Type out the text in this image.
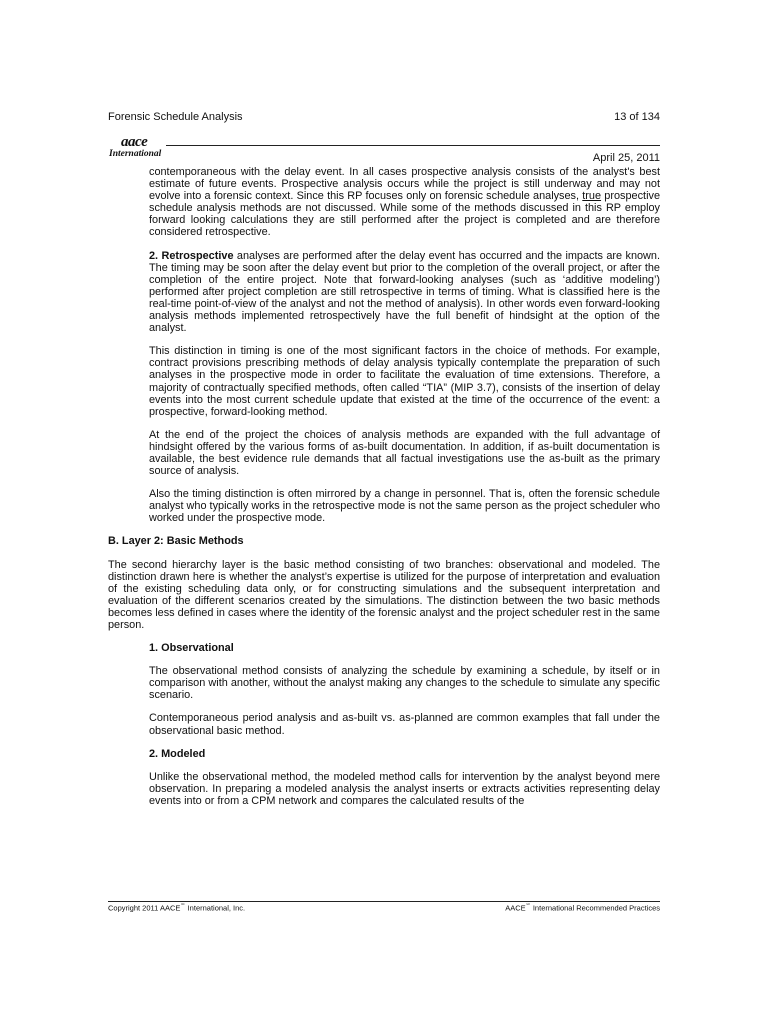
Forensic Schedule Analysis	13 of 134
aace
International	April 25, 2011

contemporaneous with the delay event. In all cases prospective analysis consists of the analyst's best estimate of future events. Prospective analysis occurs while the project is still underway and may not evolve into a forensic context. Since this RP focuses only on forensic schedule analyses, true prospective schedule analysis methods are not discussed. While some of the methods discussed in this RP employ forward looking calculations they are still performed after the project is completed and are therefore considered retrospective.

2. Retrospective analyses are performed after the delay event has occurred and the impacts are known. The timing may be soon after the delay event but prior to the completion of the overall project, or after the completion of the entire project. Note that forward-looking analyses (such as ‘additive modeling’) performed after project completion are still retrospective in terms of timing. What is classified here is the real-time point-of-view of the analyst and not the method of analysis). In other words even forward-looking analysis methods implemented retrospectively have the full benefit of hindsight at the option of the analyst.

This distinction in timing is one of the most significant factors in the choice of methods. For example, contract provisions prescribing methods of delay analysis typically contemplate the preparation of such analyses in the prospective mode in order to facilitate the evaluation of time extensions. Therefore, a majority of contractually specified methods, often called “TIA” (MIP 3.7), consists of the insertion of delay events into the most current schedule update that existed at the time of the occurrence of the event: a prospective, forward-looking method.

At the end of the project the choices of analysis methods are expanded with the full advantage of hindsight offered by the various forms of as-built documentation. In addition, if as-built documentation is available, the best evidence rule demands that all factual investigations use the as-built as the primary source of analysis.

Also the timing distinction is often mirrored by a change in personnel. That is, often the forensic schedule analyst who typically works in the retrospective mode is not the same person as the project scheduler who worked under the prospective mode.

B. Layer 2: Basic Methods

The second hierarchy layer is the basic method consisting of two branches: observational and modeled. The distinction drawn here is whether the analyst’s expertise is utilized for the purpose of interpretation and evaluation of the existing scheduling data only, or for constructing simulations and the subsequent interpretation and evaluation of the different scenarios created by the simulations. The distinction between the two basic methods becomes less defined in cases where the identity of the forensic analyst and the project scheduler rest in the same person.

1. Observational

The observational method consists of analyzing the schedule by examining a schedule, by itself or in comparison with another, without the analyst making any changes to the schedule to simulate any specific scenario.

Contemporaneous period analysis and as-built vs. as-planned are common examples that fall under the observational basic method.

2. Modeled

Unlike the observational method, the modeled method calls for intervention by the analyst beyond mere observation. In preparing a modeled analysis the analyst inserts or extracts activities representing delay events into or from a CPM network and compares the calculated results of the

Copyright 2011 AACE℠ International, Inc.	AACE℠ International Recommended Practices
